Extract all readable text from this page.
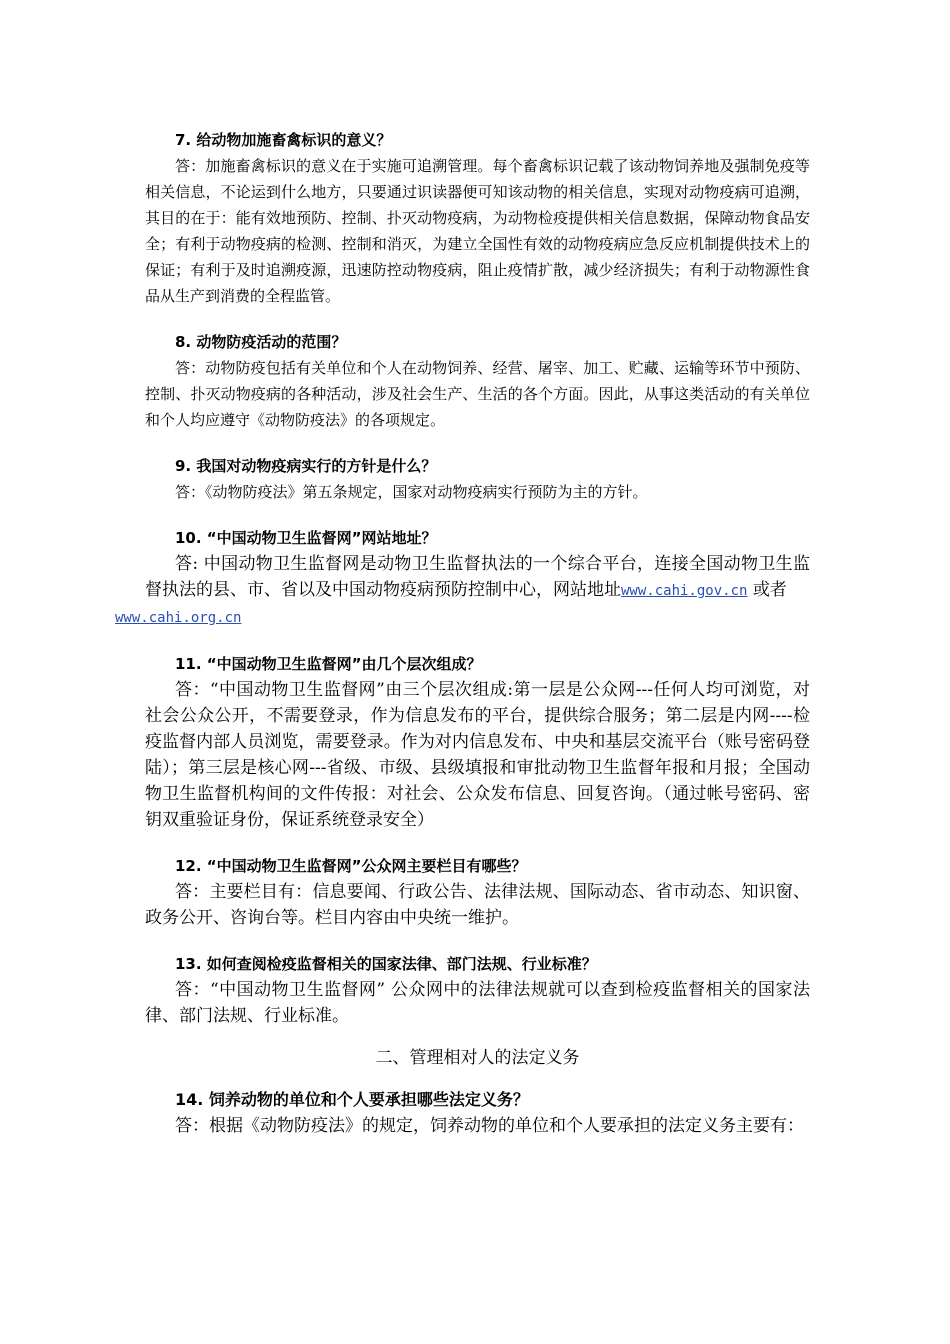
7. 给动物加施畜禽标识的意义？

答：加施畜禽标识的意义在于实施可追溯管理。每个畜禽标识记载了该动物饲养地及强制免疫等相关信息，不论运到什么地方，只要通过识读器便可知该动物的相关信息，实现对动物疫病可追溯，其目的在于：能有效地预防、控制、扑灭动物疫病，为动物检疫提供相关信息数据，保障动物食品安全；有利于动物疫病的检测、控制和消灭，为建立全国性有效的动物疫病应急反应机制提供技术上的保证；有利于及时追溯疫源，迅速防控动物疫病，阻止疫情扩散，减少经济损失；有利于动物源性食品从生产到消费的全程监管。

8. 动物防疫活动的范围？

答：动物防疫包括有关单位和个人在动物饲养、经营、屠宰、加工、贮藏、运输等环节中预防、控制、扑灭动物疫病的各种活动，涉及社会生产、生活的各个方面。因此，从事这类活动的有关单位和个人均应遵守《动物防疫法》的各项规定。

9. 我国对动物疫病实行的方针是什么？

答：《动物防疫法》第五条规定，国家对动物疫病实行预防为主的方针。

10. “中国动物卫生监督网”网站地址？

答: 中国动物卫生监督网是动物卫生监督执法的一个综合平台，连接全国动物卫生监督执法的县、市、省以及中国动物疫病预防控制中心，网站地址www.cahi.gov.cn 或者
www.cahi.org.cn

11. “中国动物卫生监督网”由几个层次组成？

答：“中国动物卫生监督网”由三个层次组成:第一层是公众网---任何人均可浏览，对社会公众公开，不需要登录，作为信息发布的平台，提供综合服务；第二层是内网----检疫监督内部人员浏览，需要登录。作为对内信息发布、中央和基层交流平台（账号密码登陆）；第三层是核心网---省级、市级、县级填报和审批动物卫生监督年报和月报；全国动物卫生监督机构间的文件传报：对社会、公众发布信息、回复咨询。（通过帐号密码、密钥双重验证身份，保证系统登录安全）

12. “中国动物卫生监督网”公众网主要栏目有哪些？

答：主要栏目有：信息要闻、行政公告、法律法规、国际动态、省市动态、知识窗、政务公开、咨询台等。栏目内容由中央统一维护。

13. 如何查阅检疫监督相关的国家法律、部门法规、行业标准？

答：“中国动物卫生监督网” 公众网中的法律法规就可以查到检疫监督相关的国家法律、部门法规、行业标准。

二、管理相对人的法定义务

14. 饲养动物的单位和个人要承担哪些法定义务？

答：根据《动物防疫法》的规定，饲养动物的单位和个人要承担的法定义务主要有：
